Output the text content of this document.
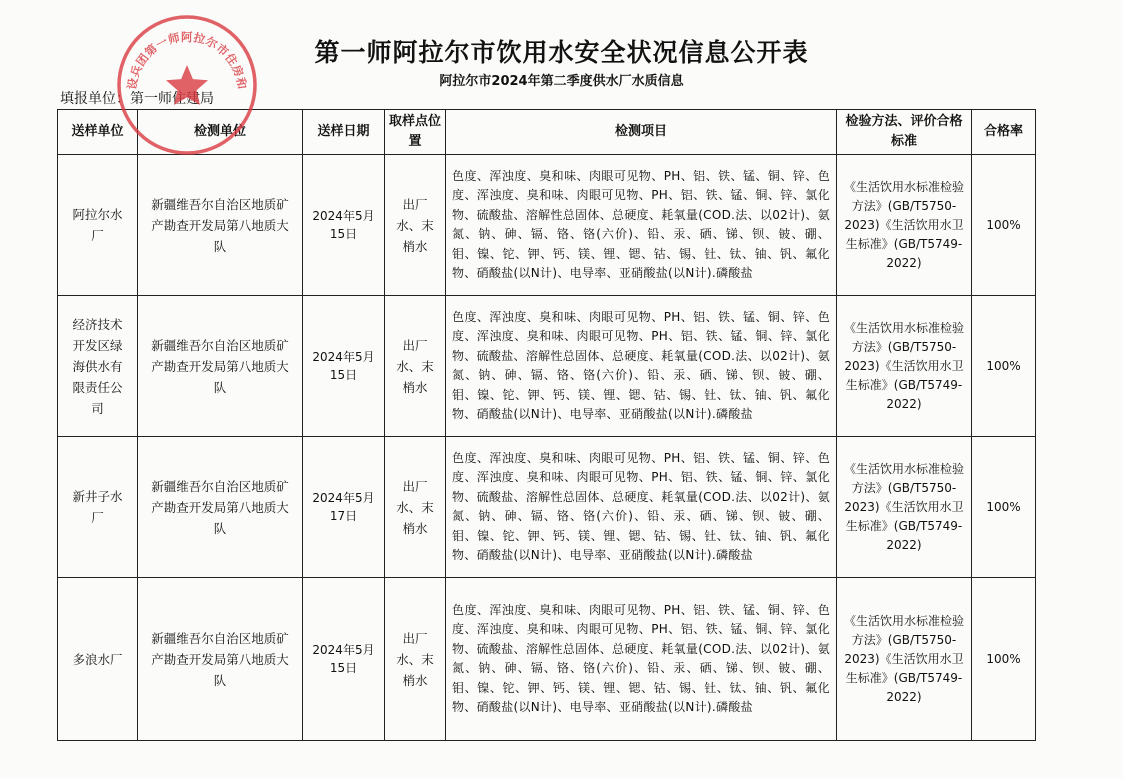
第一师阿拉尔市饮用水安全状况信息公开表
阿拉尔市2024年第二季度供水厂水质信息
填报单位：第一师住建局
送样单位	检测单位	送样日期	取样点位置	检测项目	检验方法、评价合格标准	合格率
阿拉尔水厂	新疆维吾尔自治区地质矿产勘查开发局第八地质大队	2024年5月15日	出厂水、末梢水	色度、浑浊度、臭和味、肉眼可见物、PH、铝、铁、锰、铜、锌、色度、浑浊度、臭和味、肉眼可见物、PH、铝、铁、锰、铜、锌、氯化物、硫酸盐、溶解性总固体、总硬度、耗氧量(COD.法、以02计)、氨氮、钠、砷、镉、铬、铬(六价)、铅、汞、硒、锑、钡、铍、硼、钼、镍、铊、钾、钙、镁、锂、锶、钴、锡、钍、钛、铀、钒、氟化物、硝酸盐(以N计)、电导率、亚硝酸盐(以N计).磷酸盐	《生活饮用水标准检验方法》(GB/T5750-2023)《生活饮用水卫生标准》(GB/T5749-2022)	100%
经济技术开发区绿海供水有限责任公司	新疆维吾尔自治区地质矿产勘查开发局第八地质大队	2024年5月15日	出厂水、末梢水	色度、浑浊度、臭和味、肉眼可见物、PH、铝、铁、锰、铜、锌、色度、浑浊度、臭和味、肉眼可见物、PH、铝、铁、锰、铜、锌、氯化物、硫酸盐、溶解性总固体、总硬度、耗氧量(COD.法、以02计)、氨氮、钠、砷、镉、铬、铬(六价)、铅、汞、硒、锑、钡、铍、硼、钼、镍、铊、钾、钙、镁、锂、锶、钴、锡、钍、钛、铀、钒、氟化物、硝酸盐(以N计)、电导率、亚硝酸盐(以N计).磷酸盐	《生活饮用水标准检验方法》(GB/T5750-2023)《生活饮用水卫生标准》(GB/T5749-2022)	100%
新井子水厂	新疆维吾尔自治区地质矿产勘查开发局第八地质大队	2024年5月17日	出厂水、末梢水	色度、浑浊度、臭和味、肉眼可见物、PH、铝、铁、锰、铜、锌、色度、浑浊度、臭和味、肉眼可见物、PH、铝、铁、锰、铜、锌、氯化物、硫酸盐、溶解性总固体、总硬度、耗氧量(COD.法、以02计)、氨氮、钠、砷、镉、铬、铬(六价)、铅、汞、硒、锑、钡、铍、硼、钼、镍、铊、钾、钙、镁、锂、锶、钴、锡、钍、钛、铀、钒、氟化物、硝酸盐(以N计)、电导率、亚硝酸盐(以N计).磷酸盐	《生活饮用水标准检验方法》(GB/T5750-2023)《生活饮用水卫生标准》(GB/T5749-2022)	100%
多浪水厂	新疆维吾尔自治区地质矿产勘查开发局第八地质大队	2024年5月15日	出厂水、末梢水	色度、浑浊度、臭和味、肉眼可见物、PH、铝、铁、锰、铜、锌、色度、浑浊度、臭和味、肉眼可见物、PH、铝、铁、锰、铜、锌、氯化物、硫酸盐、溶解性总固体、总硬度、耗氧量(COD.法、以02计)、氨氮、钠、砷、镉、铬、铬(六价)、铅、汞、硒、锑、钡、铍、硼、钼、镍、铊、钾、钙、镁、锂、锶、钴、锡、钍、钛、铀、钒、氟化物、硝酸盐(以N计)、电导率、亚硝酸盐(以N计).磷酸盐	《生活饮用水标准检验方法》(GB/T5750-2023)《生活饮用水卫生标准》(GB/T5749-2022)	100%
设兵团第一师阿拉尔市住房和
